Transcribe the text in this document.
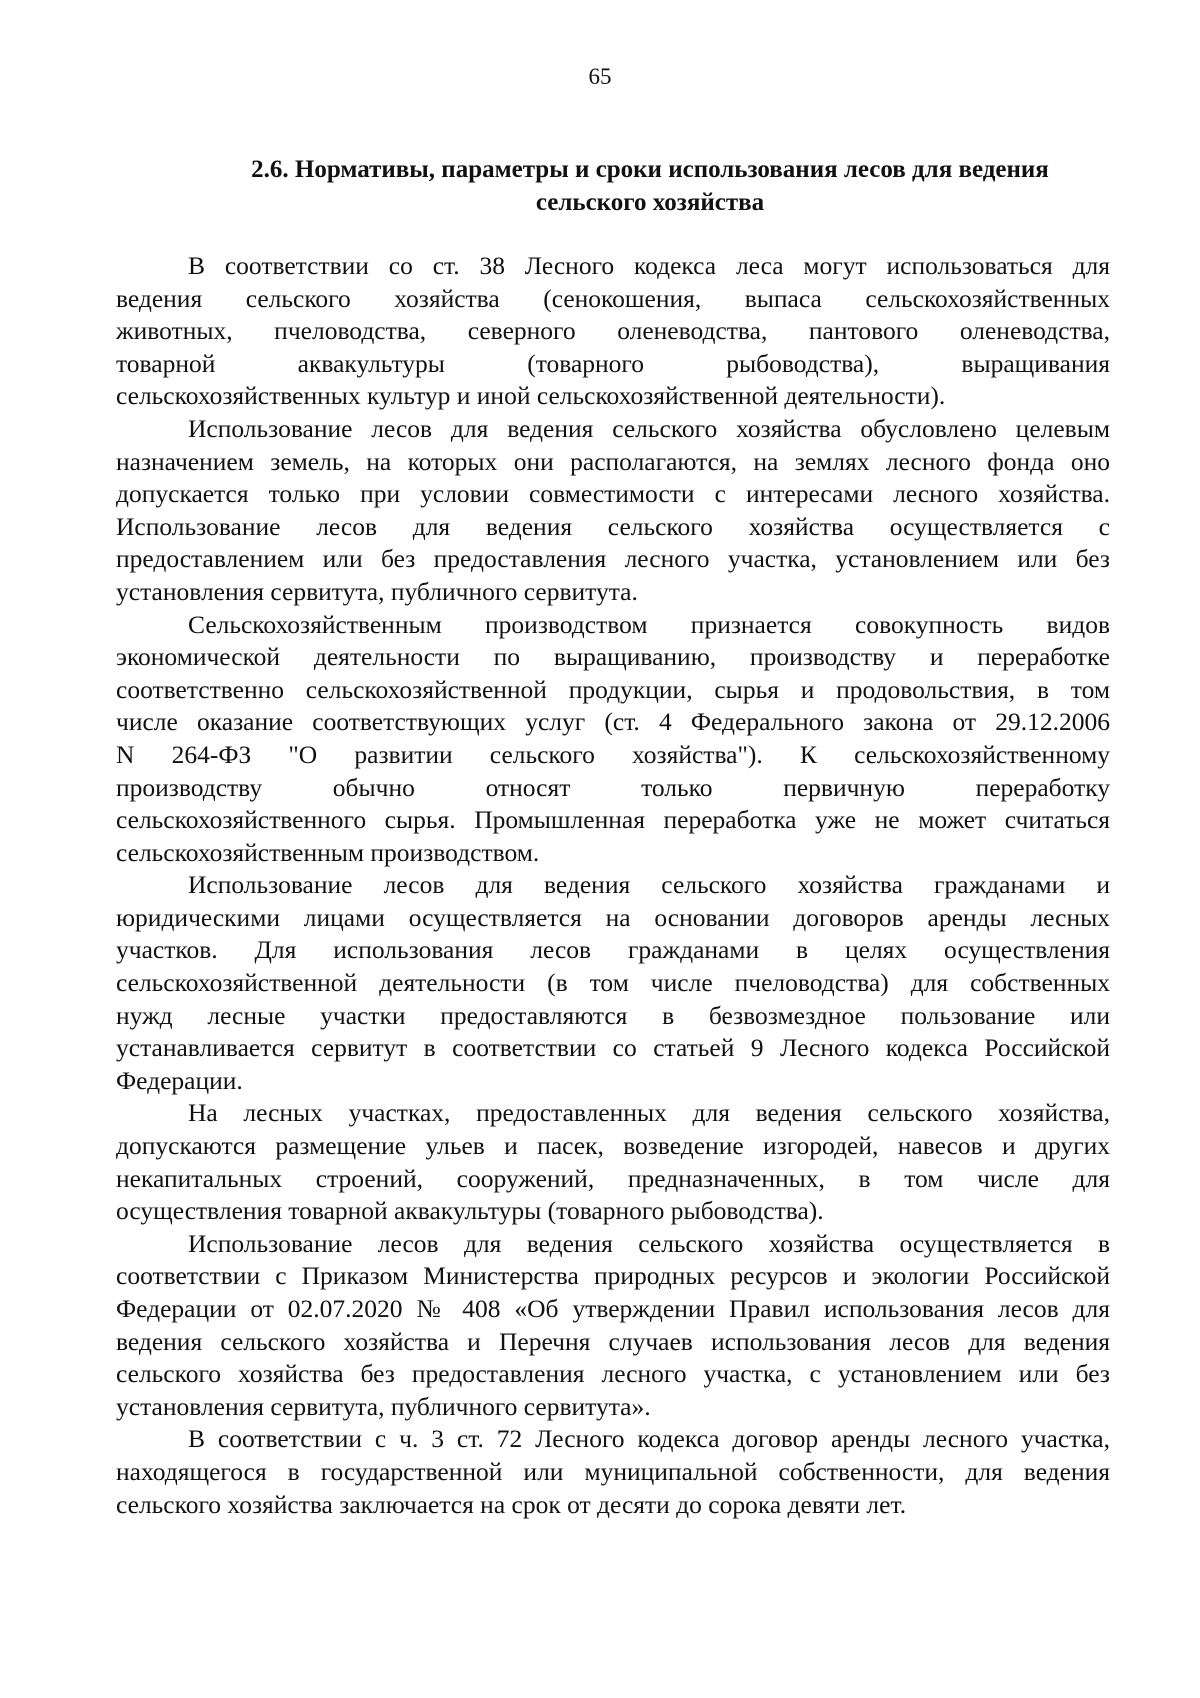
65
2.6. Нормативы, параметры и сроки использования лесов для ведения
сельского хозяйства

В соответствии со ст. 38 Лесного кодекса леса могут использоваться для
ведения сельского хозяйства (сенокошения, выпаса сельскохозяйственных
животных, пчеловодства, северного оленеводства, пантового оленеводства,
товарной аквакультуры (товарного рыбоводства), выращивания
сельскохозяйственных культур и иной сельскохозяйственной деятельности).

Использование лесов для ведения сельского хозяйства обусловлено целевым
назначением земель, на которых они располагаются, на землях лесного фонда оно
допускается только при условии совместимости с интересами лесного хозяйства.
Использование лесов для ведения сельского хозяйства осуществляется с
предоставлением или без предоставления лесного участка, установлением или без
установления сервитута, публичного сервитута.

Сельскохозяйственным производством признается совокупность видов
экономической деятельности по выращиванию, производству и переработке
соответственно сельскохозяйственной продукции, сырья и продовольствия, в том
числе оказание соответствующих услуг (ст. 4 Федерального закона от 29.12.2006
N 264-ФЗ "О развитии сельского хозяйства"). К сельскохозяйственному
производству обычно относят только первичную переработку
сельскохозяйственного сырья. Промышленная переработка уже не может считаться
сельскохозяйственным производством.

Использование лесов для ведения сельского хозяйства гражданами и
юридическими лицами осуществляется на основании договоров аренды лесных
участков. Для использования лесов гражданами в целях осуществления
сельскохозяйственной деятельности (в том числе пчеловодства) для собственных
нужд лесные участки предоставляются в безвозмездное пользование или
устанавливается сервитут в соответствии со статьей 9 Лесного кодекса Российской
Федерации.

На лесных участках, предоставленных для ведения сельского хозяйства,
допускаются размещение ульев и пасек, возведение изгородей, навесов и других
некапитальных строений, сооружений, предназначенных, в том числе для
осуществления товарной аквакультуры (товарного рыбоводства).

Использование лесов для ведения сельского хозяйства осуществляется в
соответствии с Приказом Министерства природных ресурсов и экологии Российской
Федерации от 02.07.2020 № 408 «Об утверждении Правил использования лесов для
ведения сельского хозяйства и Перечня случаев использования лесов для ведения
сельского хозяйства без предоставления лесного участка, с установлением или без
установления сервитута, публичного сервитута».

В соответствии с ч. 3 ст. 72 Лесного кодекса договор аренды лесного участка,
находящегося в государственной или муниципальной собственности, для ведения
сельского хозяйства заключается на срок от десяти до сорока девяти лет.
